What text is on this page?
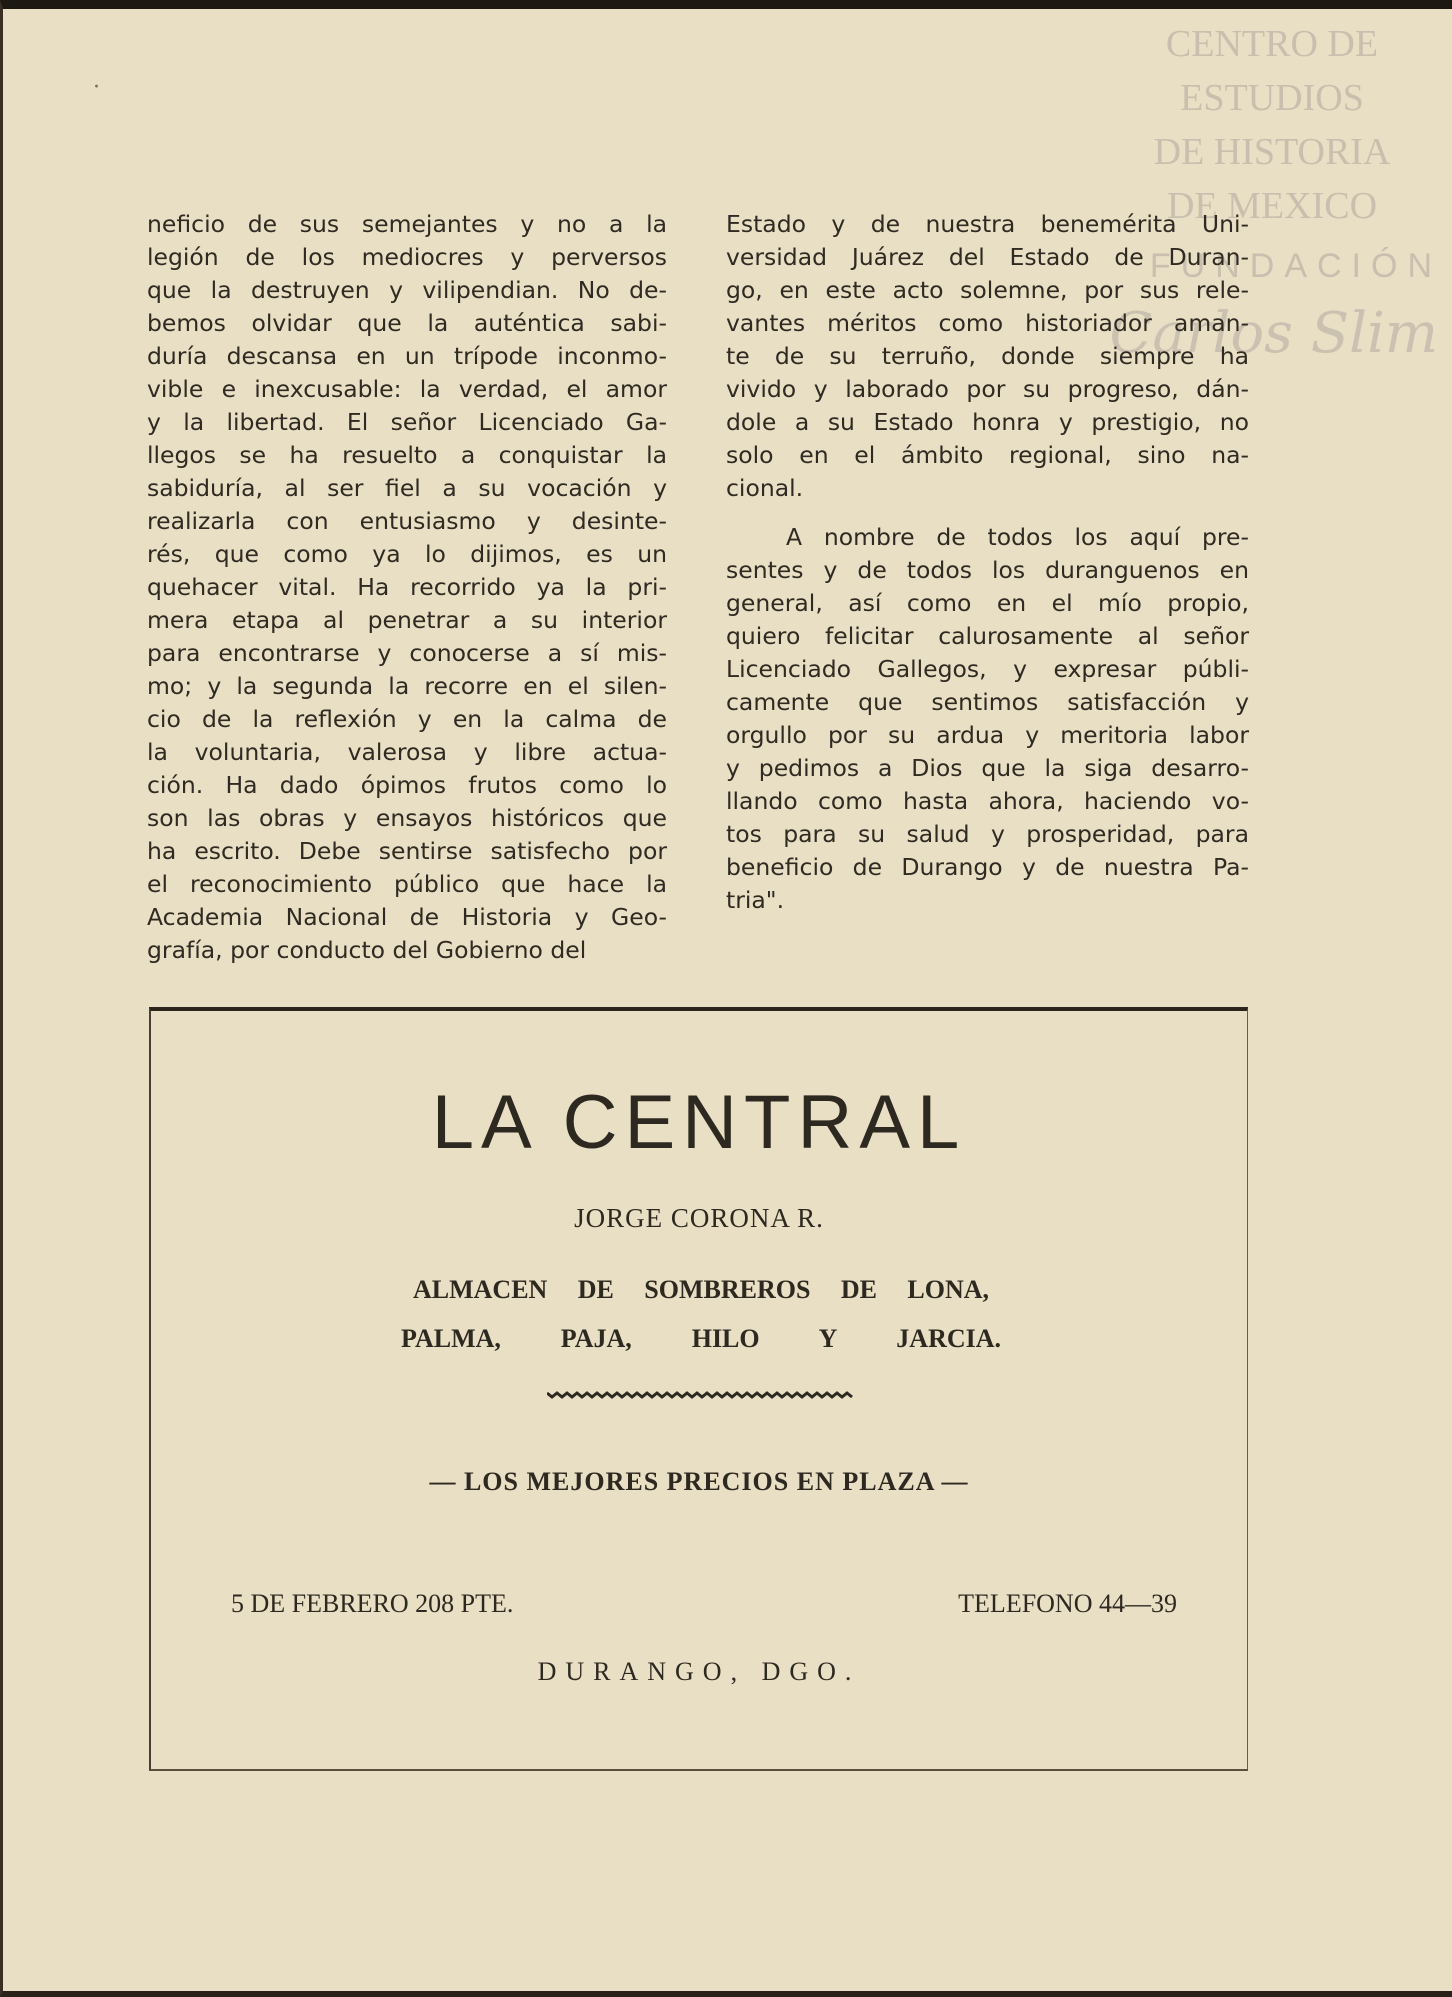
CENTRO DE
ESTUDIOS
DE HISTORIA
DE MEXICO
FUNDACIÓN
Carlos Slim
·
neficio de sus semejantes y no a la
legión de los mediocres y perversos
que la destruyen y vilipendian. No de-
bemos olvidar que la auténtica sabi-
duría descansa en un trípode inconmo-
vible e inexcusable: la verdad, el amor
y la libertad. El señor Licenciado Ga-
llegos se ha resuelto a conquistar la
sabiduría, al ser fiel a su vocación y
realizarla con entusiasmo y desinte-
rés, que como ya lo dijimos, es un
quehacer vital. Ha recorrido ya la pri-
mera etapa al penetrar a su interior
para encontrarse y conocerse a sí mis-
mo; y la segunda la recorre en el silen-
cio de la reflexión y en la calma de
la voluntaria, valerosa y libre actua-
ción. Ha dado ópimos frutos como lo
son las obras y ensayos históricos que
ha escrito. Debe sentirse satisfecho por
el reconocimiento público que hace la
Academia Nacional de Historia y Geo-
grafía, por conducto del Gobierno del
Estado y de nuestra benemérita Uni-
versidad Juárez del Estado de Duran-
go, en este acto solemne, por sus rele-
vantes méritos como historiador aman-
te de su terruño, donde siempre ha
vivido y laborado por su progreso, dán-
dole a su Estado honra y prestigio, no
solo en el ámbito regional, sino na-
cional.
A nombre de todos los aquí pre-
sentes y de todos los duranguenos en
general, así como en el mío propio,
quiero felicitar calurosamente al señor
Licenciado Gallegos, y expresar públi-
camente que sentimos satisfacción y
orgullo por su ardua y meritoria labor
y pedimos a Dios que la siga desarro-
llando como hasta ahora, haciendo vo-
tos para su salud y prosperidad, para
beneficio de Durango y de nuestra Pa-
tria".
LA CENTRAL
JORGE CORONA R.
ALMACEN DE SOMBREROS DE LONA,
PALMA, PAJA, HILO Y JARCIA.
— LOS MEJORES PRECIOS EN PLAZA —
5 DE FEBRERO 208 PTE.	TELEFONO 44—39
DURANGO, DGO.
